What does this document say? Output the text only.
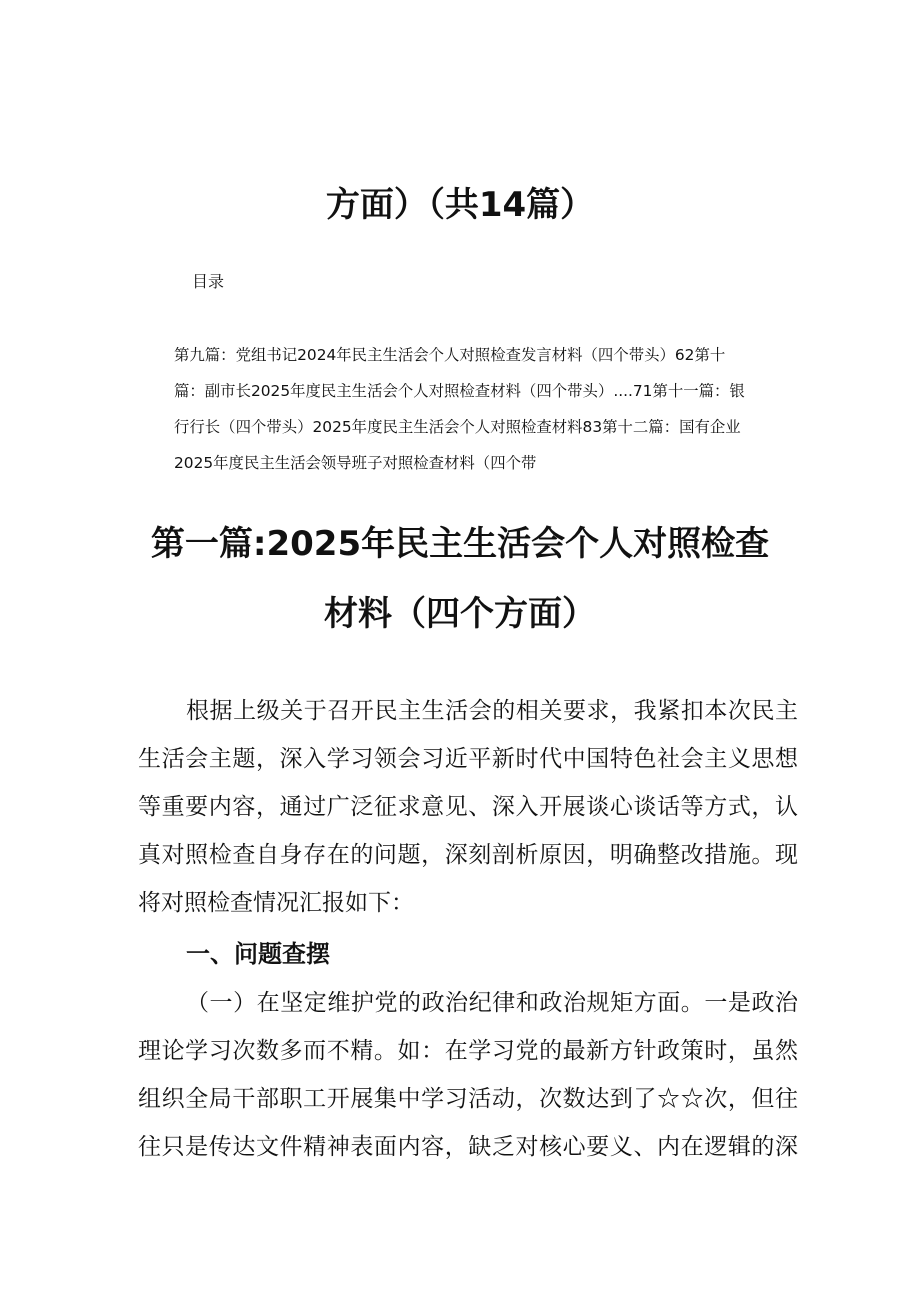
方面）（共14篇）
目录
第九篇：党组书记2024年民主生活会个人对照检查发言材料（四个带头）62第十
篇：副市长2025年度民主生活会个人对照检查材料（四个带头）....71第十一篇：银
行行长（四个带头）2025年度民主生活会个人对照检查材料83第十二篇：国有企业
2025年度民主生活会领导班子对照检查材料（四个带
第一篇:2025年民主生活会个人对照检查
材料（四个方面）
根据上级关于召开民主生活会的相关要求，我紧扣本次民主
生活会主题，深入学习领会习近平新时代中国特色社会主义思想
等重要内容，通过广泛征求意见、深入开展谈心谈话等方式，认
真对照检查自身存在的问题，深刻剖析原因，明确整改措施。现
将对照检查情况汇报如下：
一、问题查摆
（一）在坚定维护党的政治纪律和政治规矩方面。一是政治
理论学习次数多而不精。如：在学习党的最新方针政策时，虽然
组织全局干部职工开展集中学习活动，次数达到了☆☆次，但往
往只是传达文件精神表面内容，缺乏对核心要义、内在逻辑的深
